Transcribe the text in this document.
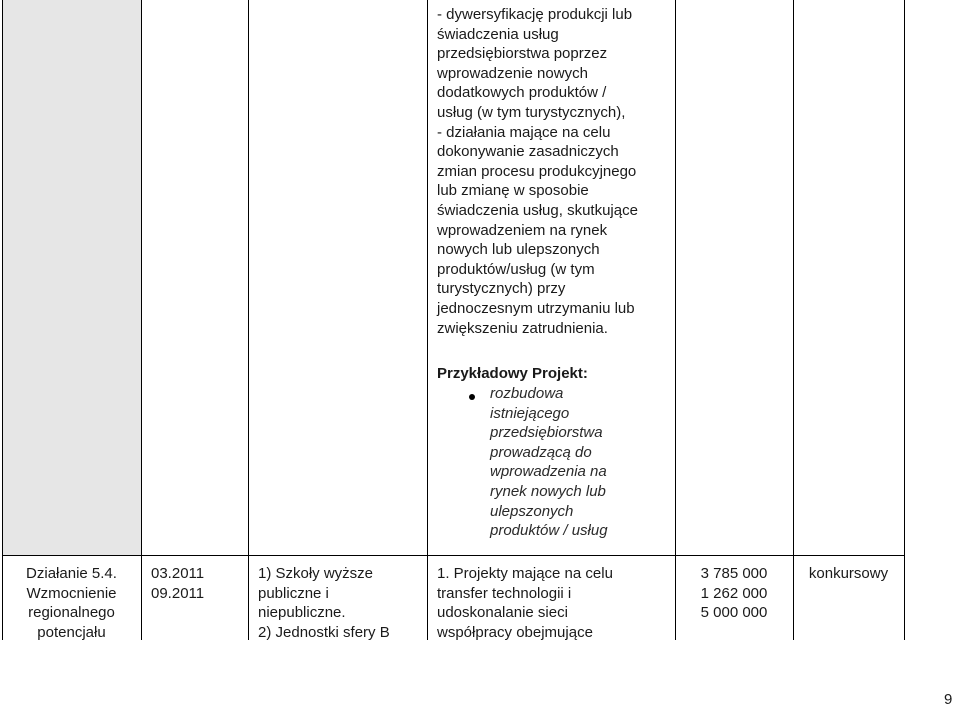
- dywersyfikację produkcji lub
świadczenia usług
przedsiębiorstwa poprzez
wprowadzenie nowych
dodatkowych produktów /
usług (w tym turystycznych),
- działania mające na celu
dokonywanie zasadniczych
zmian procesu produkcyjnego
lub zmianę w sposobie
świadczenia usług, skutkujące
wprowadzeniem na rynek
nowych lub ulepszonych
produktów/usług (w tym
turystycznych) przy
jednoczesnym utrzymaniu lub
zwiększeniu zatrudnienia.
Przykładowy Projekt:
rozbudowa
istniejącego
przedsiębiorstwa
prowadzącą do
wprowadzenia na
rynek nowych lub
ulepszonych
produktów / usług
Działanie 5.4.
Wzmocnienie
regionalnego
potencjału
03.2011
09.2011
1) Szkoły wyższe
publiczne i
niepubliczne.
2) Jednostki sfery B
1. Projekty mające na celu
transfer technologii i
udoskonalanie sieci
współpracy obejmujące
3 785 000
1 262 000
5 000 000
konkursowy
9
